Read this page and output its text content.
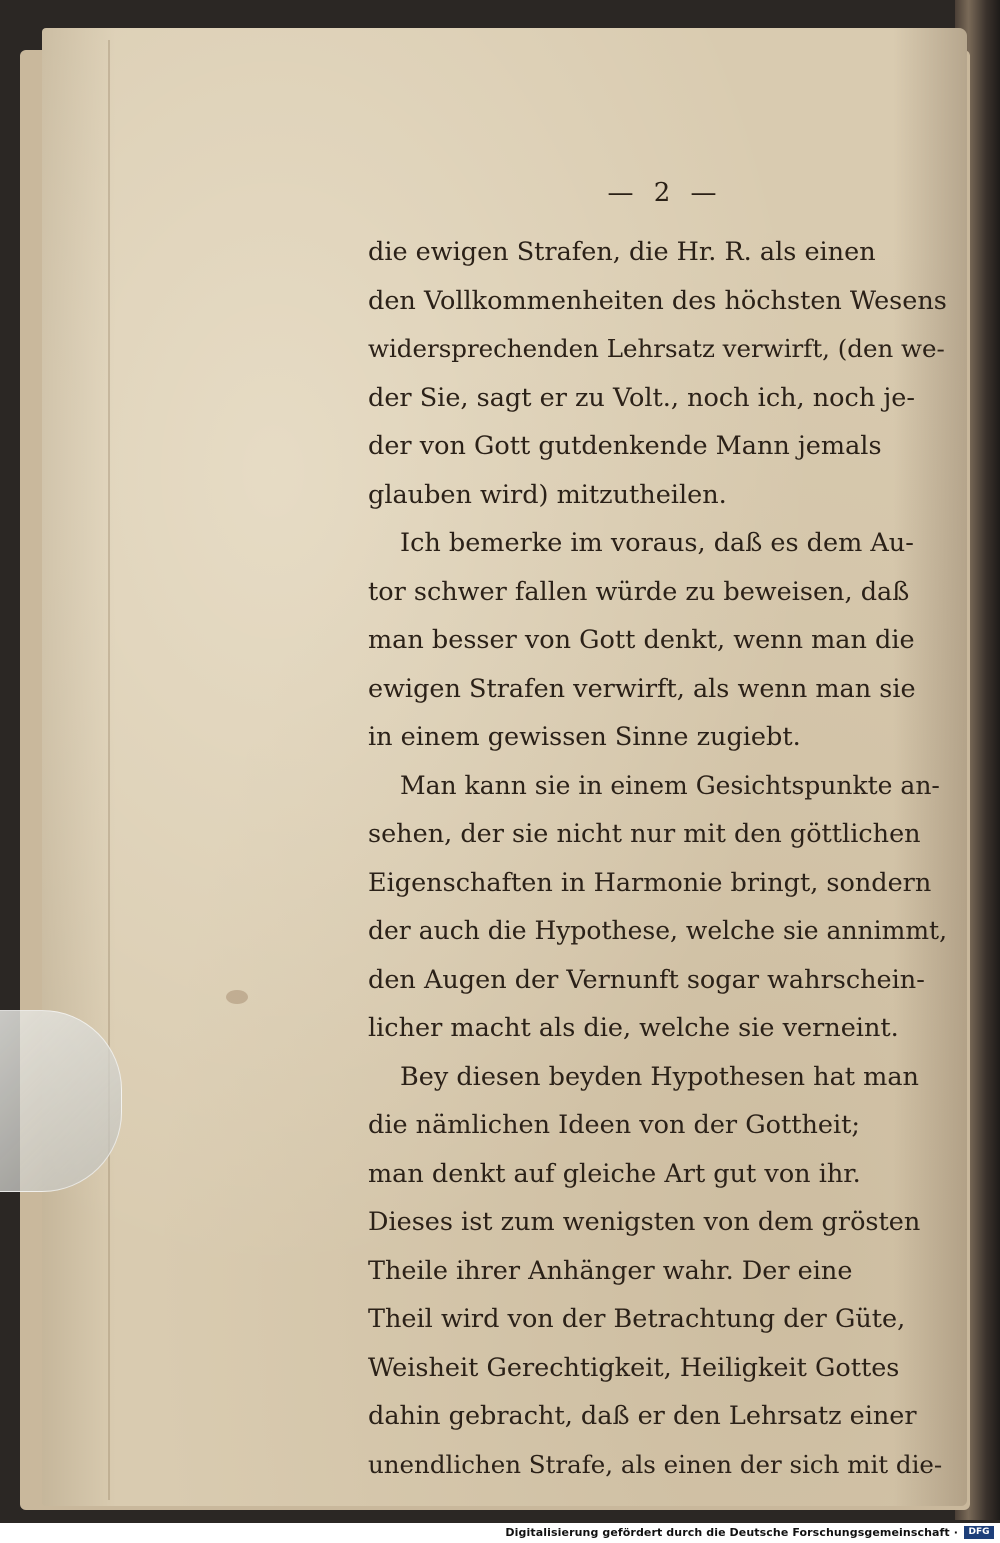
— 2 —
die ewigen Strafen, die Hr. R. als einen
den Vollkommenheiten des höchsten Wesens
widersprechenden Lehrsatz verwirft, (den we-
der Sie, sagt er zu Volt., noch ich, noch je-
der von Gott gutdenkende Mann jemals
glauben wird) mitzutheilen.
Ich bemerke im voraus, daß es dem Au-
tor schwer fallen würde zu beweisen, daß
man besser von Gott denkt, wenn man die
ewigen Strafen verwirft, als wenn man sie
in einem gewissen Sinne zugiebt.
Man kann sie in einem Gesichtspunkte an-
sehen, der sie nicht nur mit den göttlichen
Eigenschaften in Harmonie bringt, sondern
der auch die Hypothese, welche sie annimmt,
den Augen der Vernunft sogar wahrschein-
licher macht als die, welche sie verneint.
Bey diesen beyden Hypothesen hat man
die nämlichen Ideen von der Gottheit;
man denkt auf gleiche Art gut von ihr.
Dieses ist zum wenigsten von dem grösten
Theile ihrer Anhänger wahr. Der eine
Theil wird von der Betrachtung der Güte,
Weisheit Gerechtigkeit, Heiligkeit Gottes
dahin gebracht, daß er den Lehrsatz einer
unendlichen Strafe, als einen der sich mit die-
Digitalisierung gefördert durch die Deutsche Forschungsgemeinschaft ·	DFG
